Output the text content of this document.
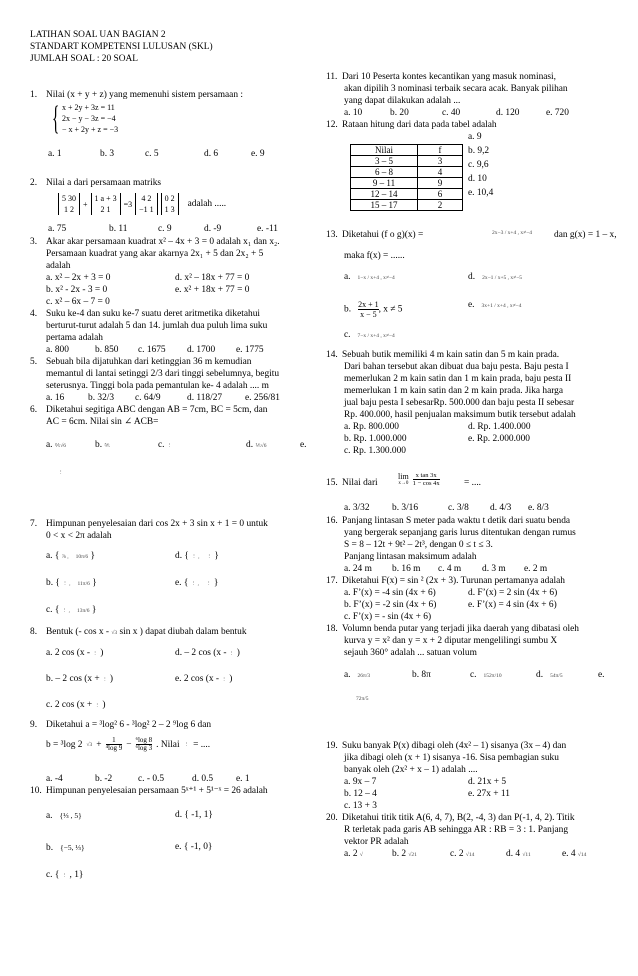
LATIHAN SOAL UAN BAGIAN 2
STANDART KOMPETENSI LULUSAN (SKL)
JUMLAH SOAL : 20 SOAL
1. Nilai (x + y + z) yang memenuhi sistem persamaan :
{ x + 2y + 3z = 11
2x − y − 3z = −4
− x + 2y + z = −3
a. 1	b. 3	c. 5	d. 6	e. 9
2. Nilai a dari persamaan matriks
5 30
1 2
+
1 a + 3
2 1
=3
4 2
−1 1
0 2
1 3
adalah .....
a. 75	b. 11	c. 9	d. -9	e. -11
3. Akar akar persamaan kuadrat x² – 4x + 3 = 0 adalah x₁ dan x₂.
Persamaan kuadrat yang akar akarnya 2x₁ + 5 dan 2x₂ + 5
adalah
a. x² – 2x + 3 = 0	d. x² – 18x + 77 = 0
b. x² - 2x - 3 = 0	e. x² + 18x + 77 = 0
c. x² – 6x – 7 = 0
4. Suku ke-4 dan suku ke-7 suatu deret aritmetika diketahui
berturut-turut adalah 5 dan 14. jumlah dua puluh lima suku
pertama adalah
a. 800	b. 850 c. 1675 d. 1700 e. 1775
5. Sebuah bila dijatuhkan dari ketinggian 36 m kemudian
memantul di lantai setinggi 2/3 dari tinggi sebelumnya, begitu
seterusnya. Tinggi bola pada pemantulan ke- 4 adalah .... m
a. 16	b. 32/3 c. 64/9	d. 118/27 e. 256/81
6. Diketahui segitiga ABC dengan AB = 7cm, BC = 5cm, dan
AC = 6cm. Nilai sin ∠ ACB=
a. ⅖√6	b. ⅗	c. ⋮	d. ⅕√6	e.
⋮
7. Himpunan penyelesaian dari cos 2x + 3 sin x + 1 = 0 untuk
0 < x < 2π adalah
a. { ⅞ , 10π/6 }	d. { ⋮ , ⋮ }
b. { ⋮ , 11π/6 }	e. { ⋮ , ⋮ }
c. { ⋮ , 13π/6 }
8. Bentuk (- cos x - √3 sin x ) dapat diubah dalam bentuk
a. 2 cos (x - ⋮ )	d. – 2 cos (x - ⋮ )
b. – 2 cos (x + ⋮ )	e. 2 cos (x - ⋮ )
c. 2 cos (x + ⋮ )
9. Diketahui a = ³log² 6 - ³log² 2 – 2 ⁹log 6 dan
b = ³log 2 $√3 + \frac{1}{\text{⁴log 9}} - \frac{\text{⁶log 8}}{\text{⁶log 3}}$ . Nilai ⋮ = ....
a. -4	b. -2	c. - 0.5	d. 0.5 e. 1
10. Himpunan penyelesaian persamaan 5ˣ⁺¹ + 5¹⁻ˣ = 26 adalah
a. {⅓ , 5}	d. { -1, 1}
b. {−5, ⅓}	e. { -1, 0}
c. { ⋮ , 1}
11. Dari 10 Peserta kontes kecantikan yang masuk nominasi,
akan dipilih 3 nominasi terbaik secara acak. Banyak pilihan
yang dapat dilakukan adalah ...
a. 10	b. 20	c. 40	d. 120	e. 720
12. Rataan hitung dari data pada tabel adalah
Nilai	f
3 – 5	3
6 – 8	4
9 – 11	9
12 – 14	6
15 – 17	2
a. 9
b. 9,2
c. 9,6
d. 10
e. 10,4
13. Diketahui (f o g)(x) =	2x−3 / x+4 , x≠−4 dan g(x) = 1 – x,
maka f(x) = ......
a. 1−x / x+4 , x≠−4	d. 2x−1 / x+5 , x≠−5
b. $\frac{2x + 1}{x - 5}$ , x ≠ 5	e. 3x+1 / x+4 , x≠−4
c. 7−x / x+4 , x≠−4
14. Sebuah butik memiliki 4 m kain satin dan 5 m kain prada.
Dari bahan tersebut akan dibuat dua baju pesta. Baju pesta I
memerlukan 2 m kain satin dan 1 m kain prada, baju pesta II
memerlukan 1 m kain satin dan 2 m kain prada. Jika harga
jual baju pesta I sebesarRp. 500.000 dan baju pesta II sebesar
Rp. 400.000, hasil penjualan maksimum butik tersebut adalah
a. Rp. 800.000	d. Rp. 1.400.000
b. Rp. 1.000.000	e. Rp. 2.000.000
c. Rp. 1.300.000
15. Nilai dari
lim
$x\to 0 \frac{\text{x tan 3x}}{1 - \cos 4x}$	= ....
a. 3/32 b. 3/16	c. 3/8 d. 4/3 e. 8/3
16. Panjang lintasan S meter pada waktu t detik dari suatu benda
yang bergerak sepanjang garis lurus ditentukan dengan rumus
S = 8 – 12t + 9t² – 2t³, dengan 0 ≤ t ≤ 3.
Panjang lintasan maksimum adalah
a. 24 m b. 16 m c. 4 m d. 3 m e. 2 m
17. Diketahui F(x) = sin ² (2x + 3). Turunan pertamanya adalah
a. F’(x) = -4 sin (4x + 6)	d. F’(x) = 2 sin (4x + 6)
b. F’(x) = -2 sin (4x + 6)	e. F’(x) = 4 sin (4x + 6)
c. F’(x) = - sin (4x + 6)
18. Volumn benda putar yang terjadi jika daerah yang dibatasi oleh
kurva y = x² dan y = x + 2 diputar mengelilingi sumbu X
sejauh 360° adalah ... satuan volum
a. 26π/3	b. 8π	c. 152π/10	d. 54π/5	e.
72π/5
19. Suku banyak P(x) dibagi oleh (4x² – 1) sisanya (3x – 4) dan
jika dibagi oleh (x + 1) sisanya -16. Sisa pembagian suku
banyak oleh (2x² + x – 1) adalah ....
a. 9x – 7	d. 21x + 5
b. 12 – 4	e. 27x + 11
c. 13 + 3
20. Diketahui titik titik A(6, 4, 7), B(2, -4, 3) dan P(-1, 4, 2). Titik
R terletak pada garis AB sehingga AR : RB = 3 : 1. Panjang
vektor PR adalah
a. 2 √	b. 2 √21	c. 2 √14	d. 4 √11	e. 4 √14
